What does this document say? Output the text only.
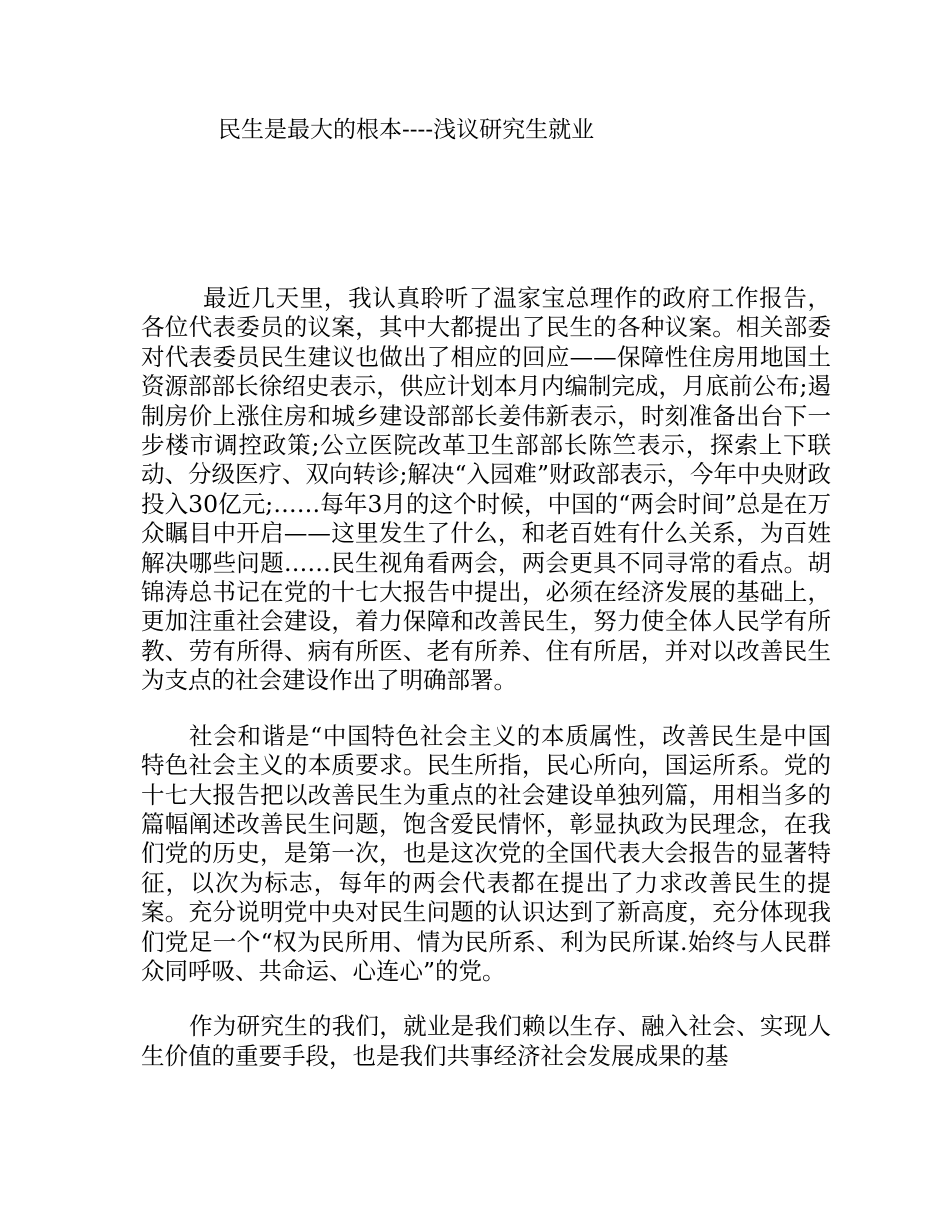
民生是最大的根本----浅议研究生就业

最近几天里，我认真聆听了温家宝总理作的政府工作报告，各位代表委员的议案，其中大都提出了民生的各种议案。相关部委对代表委员民生建议也做出了相应的回应——保障性住房用地国土资源部部长徐绍史表示，供应计划本月内编制完成，月底前公布;遏制房价上涨住房和城乡建设部部长姜伟新表示，时刻准备出台下一步楼市调控政策;公立医院改革卫生部部长陈竺表示，探索上下联动、分级医疗、双向转诊;解决“入园难”财政部表示，今年中央财政投入30亿元;……每年3月的这个时候，中国的“两会时间”总是在万众瞩目中开启——这里发生了什么，和老百姓有什么关系，为百姓解决哪些问题……民生视角看两会，两会更具不同寻常的看点。胡锦涛总书记在党的十七大报告中提出，必须在经济发展的基础上，更加注重社会建设，着力保障和改善民生，努力使全体人民学有所教、劳有所得、病有所医、老有所养、住有所居，并对以改善民生为支点的社会建设作出了明确部署。

社会和谐是“中国特色社会主义的本质属性，改善民生是中国特色社会主义的本质要求。民生所指，民心所向，国运所系。党的十七大报告把以改善民生为重点的社会建设单独列篇，用相当多的篇幅阐述改善民生问题，饱含爱民情怀，彰显执政为民理念，在我们党的历史，是第一次，也是这次党的全国代表大会报告的显著特征，以次为标志，每年的两会代表都在提出了力求改善民生的提案。充分说明党中央对民生问题的认识达到了新高度，充分体现我们党足一个“权为民所用、情为民所系、利为民所谋.始终与人民群众同呼吸、共命运、心连心”的党。

作为研究生的我们，就业是我们赖以生存、融入社会、实现人生价值的重要手段，也是我们共事经济社会发展成果的基
